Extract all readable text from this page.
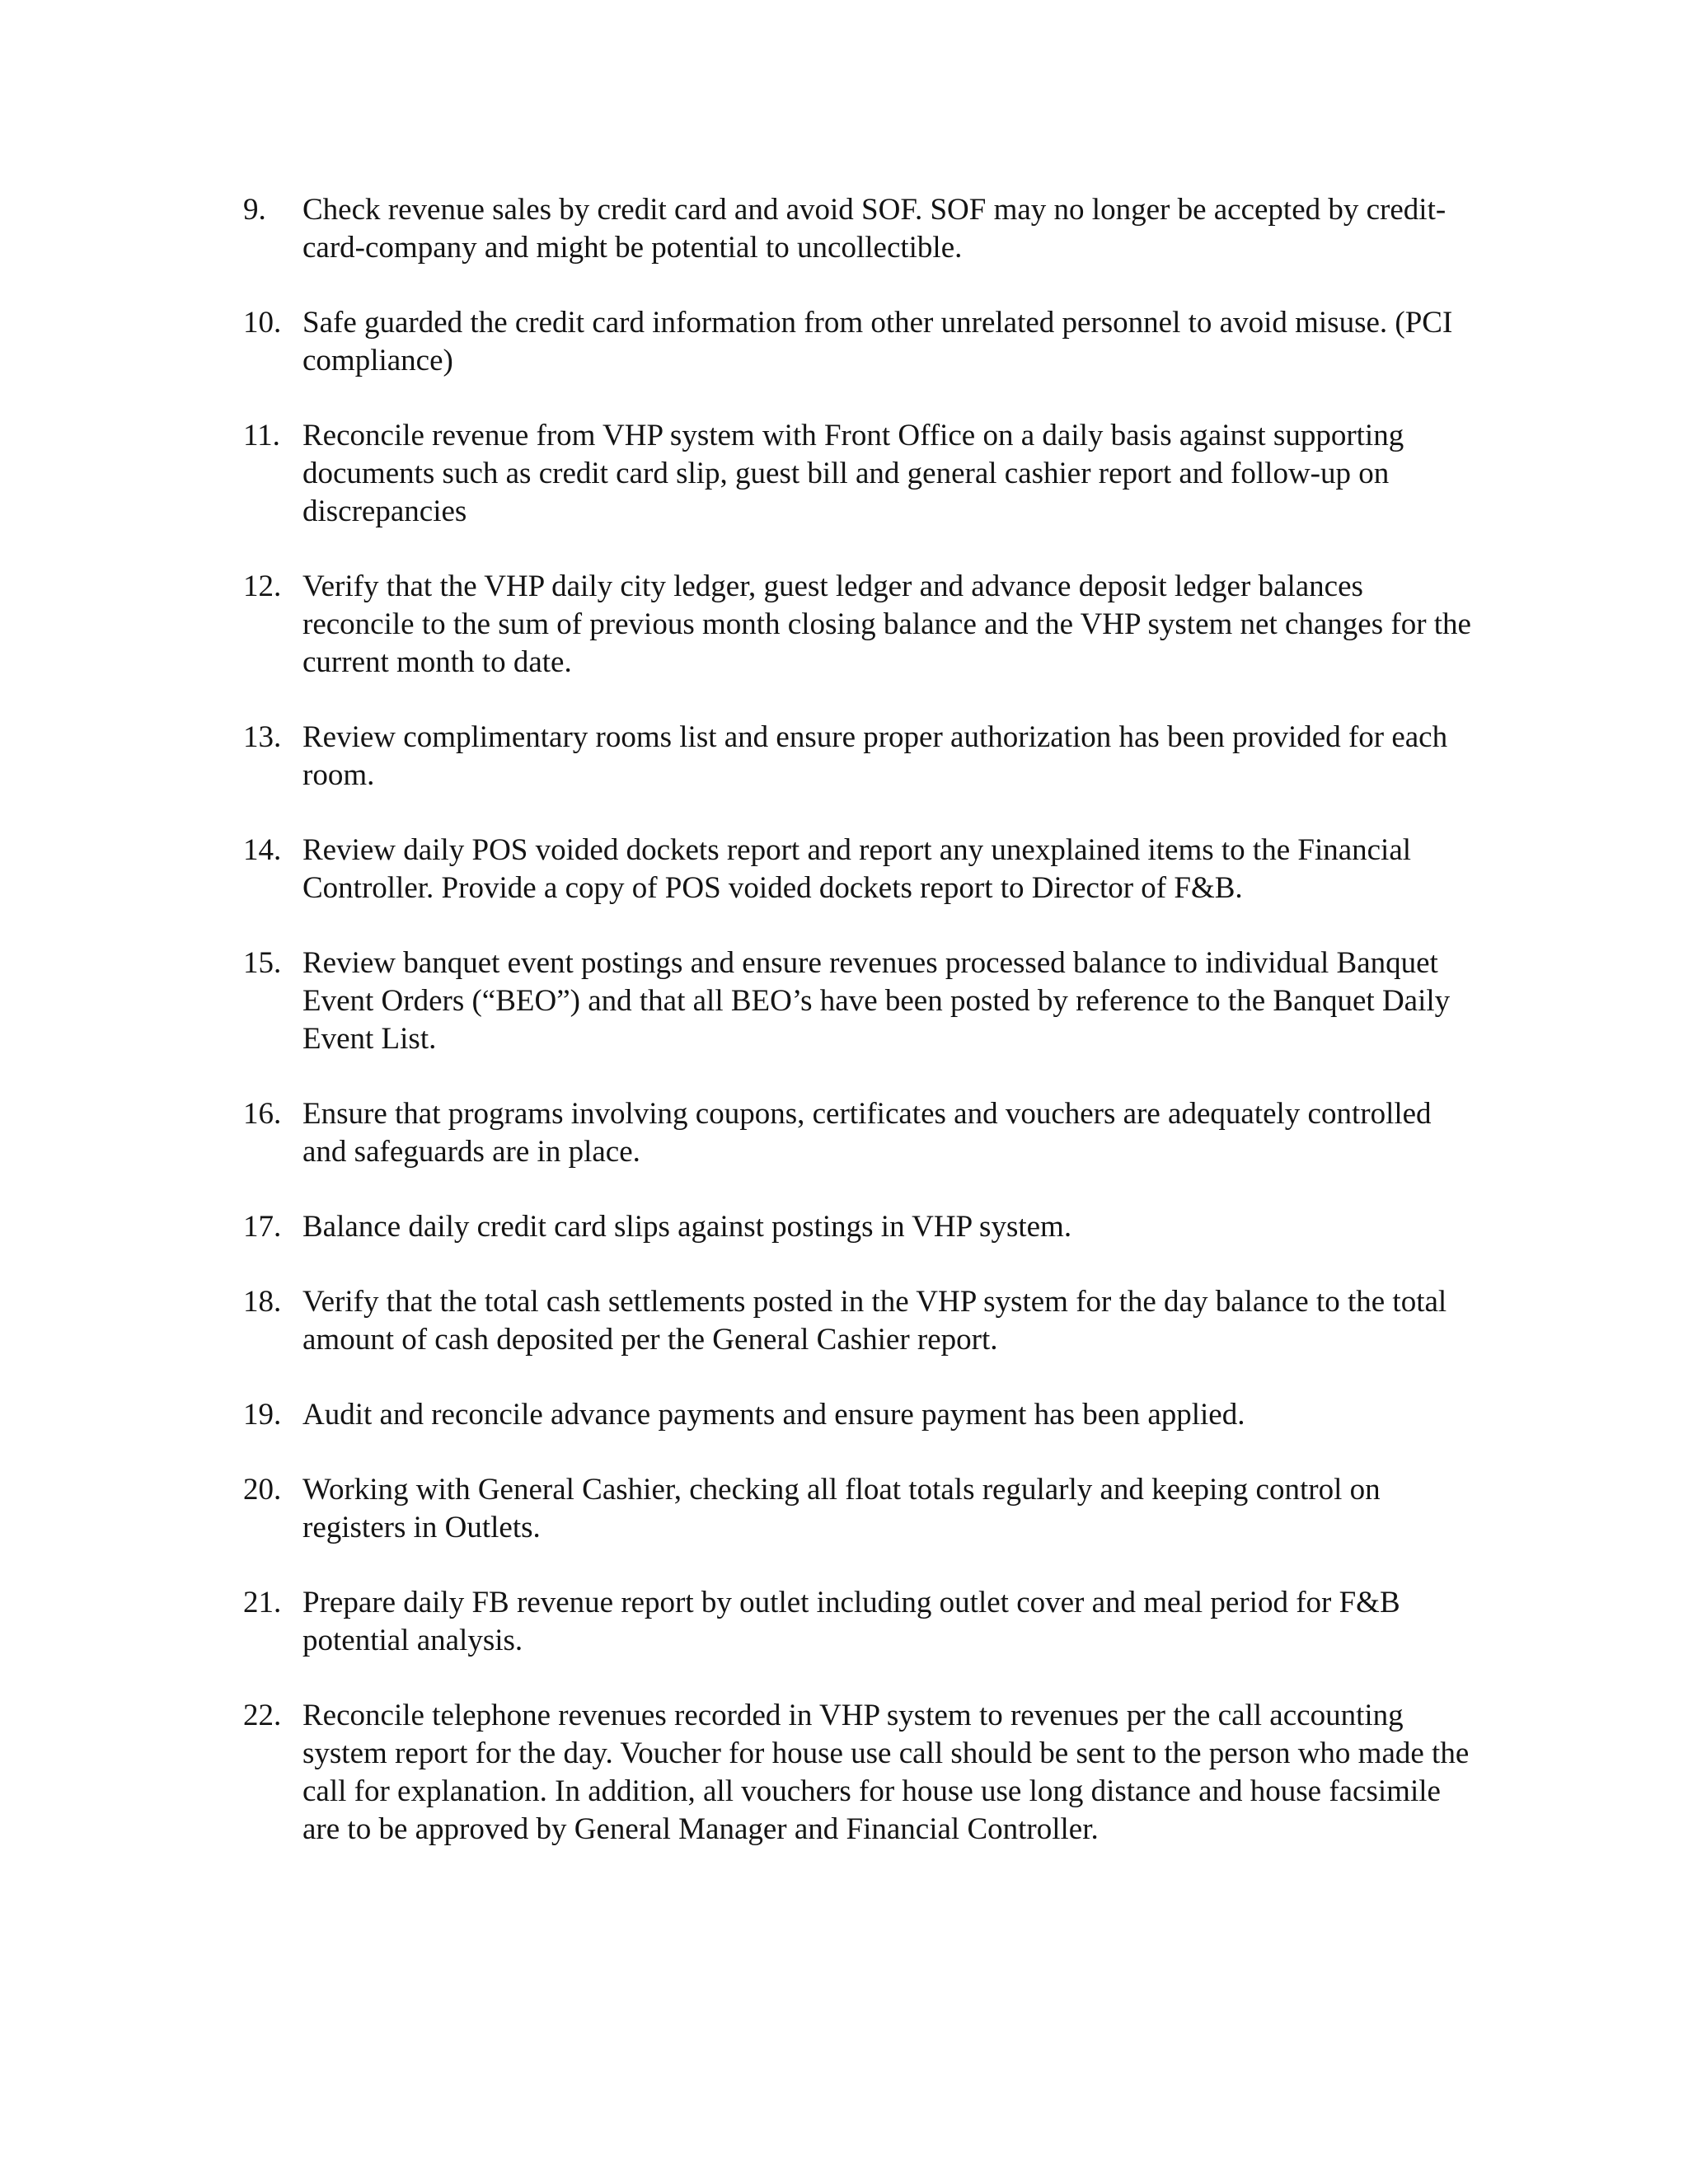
9. Check revenue sales by credit card and avoid SOF. SOF may no longer be accepted by credit-card-company and might be potential to uncollectible.
10. Safe guarded the credit card information from other unrelated personnel to avoid misuse. (PCI compliance)
11. Reconcile revenue from VHP system with Front Office on a daily basis against supporting documents such as credit card slip, guest bill and general cashier report and follow-up on discrepancies
12. Verify that the VHP daily city ledger, guest ledger and advance deposit ledger balances reconcile to the sum of previous month closing balance and the VHP system net changes for the current month to date.
13. Review complimentary rooms list and ensure proper authorization has been provided for each room.
14. Review daily POS voided dockets report and report any unexplained items to the Financial Controller. Provide a copy of POS voided dockets report to Director of F&B.
15. Review banquet event postings and ensure revenues processed balance to individual Banquet Event Orders (“BEO”) and that all BEO’s have been posted by reference to the Banquet Daily Event List.
16. Ensure that programs involving coupons, certificates and vouchers are adequately controlled and safeguards are in place.
17. Balance daily credit card slips against postings in VHP system.
18. Verify that the total cash settlements posted in the VHP system for the day balance to the total amount of cash deposited per the General Cashier report.
19. Audit and reconcile advance payments and ensure payment has been applied.
20. Working with General Cashier, checking all float totals regularly and keeping control on registers in Outlets.
21. Prepare daily FB revenue report by outlet including outlet cover and meal period for F&B potential analysis.
22. Reconcile telephone revenues recorded in VHP system to revenues per the call accounting system report for the day. Voucher for house use call should be sent to the person who made the call for explanation. In addition, all vouchers for house use long distance and house facsimile are to be approved by General Manager and Financial Controller.
